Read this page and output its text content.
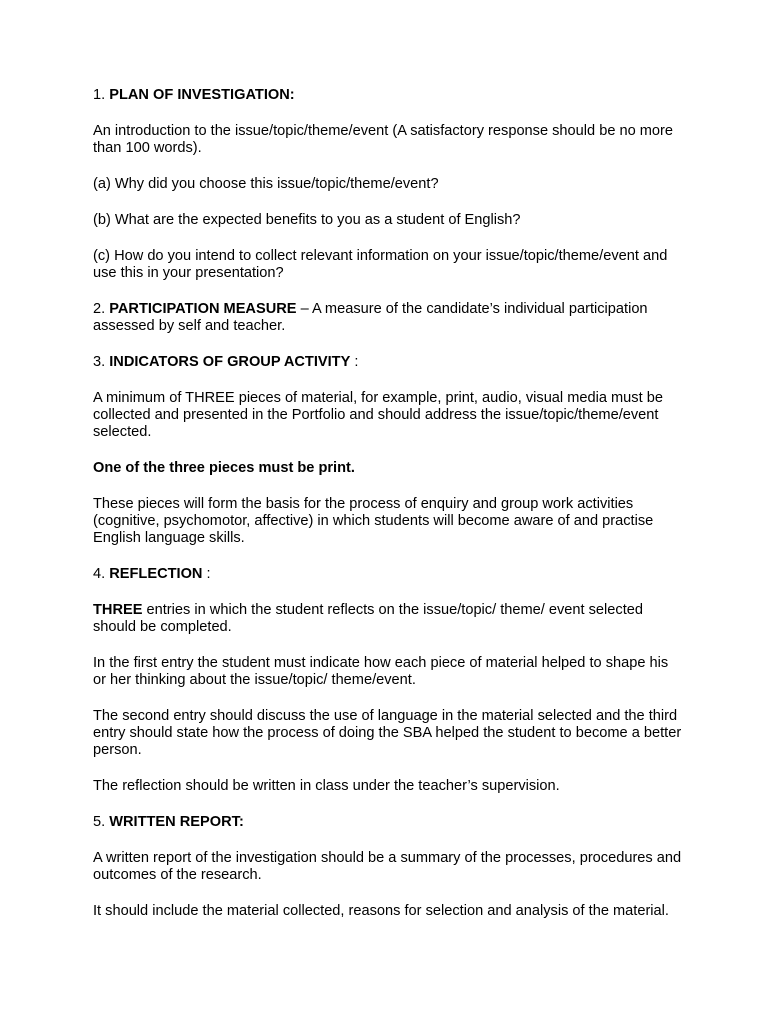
1. PLAN OF INVESTIGATION:

An introduction to the issue/topic/theme/event (A satisfactory response should be no more than 100 words).

(a) Why did you choose this issue/topic/theme/event?

(b) What are the expected benefits to you as a student of English?

(c) How do you intend to collect relevant information on your issue/topic/theme/event and use this in your presentation?

2. PARTICIPATION MEASURE – A measure of the candidate’s individual participation assessed by self and teacher.

3. INDICATORS OF GROUP ACTIVITY :

A minimum of THREE pieces of material, for example, print, audio, visual media must be collected and presented in the Portfolio and should address the issue/topic/theme/event selected.

One of the three pieces must be print.

These pieces will form the basis for the process of enquiry and group work activities (cognitive, psychomotor, affective) in which students will become aware of and practise English language skills.

4. REFLECTION :

THREE entries in which the student reflects on the issue/topic/ theme/ event selected should be completed.

In the first entry the student must indicate how each piece of material helped to shape his or her thinking about the issue/topic/ theme/event.

The second entry should discuss the use of language in the material selected and the third entry should state how the process of doing the SBA helped the student to become a better person.

The reflection should be written in class under the teacher’s supervision.

5. WRITTEN REPORT:

A written report of the investigation should be a summary of the processes, procedures and outcomes of the research.

It should include the material collected, reasons for selection and analysis of the material.
